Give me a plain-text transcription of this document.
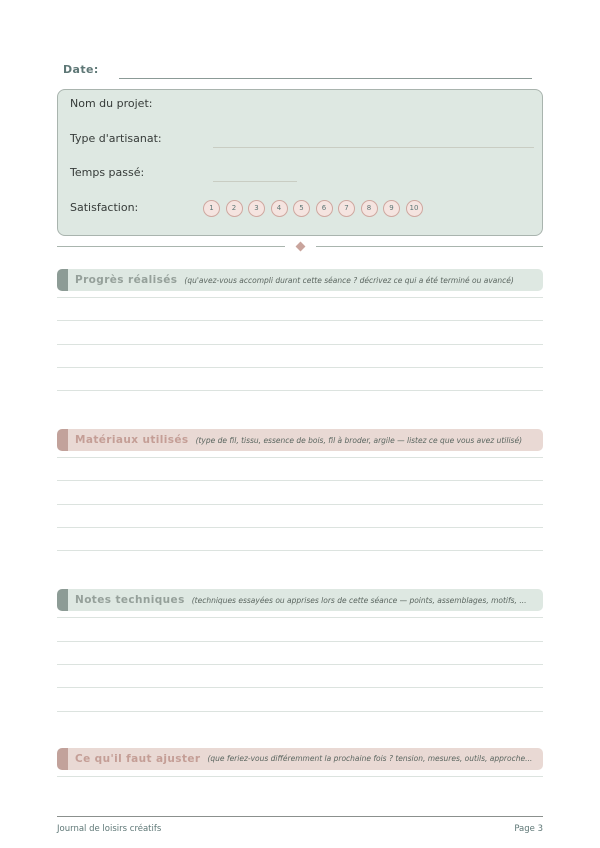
Date:
Nom du projet:
Type d'artisanat:
Temps passé:
Satisfaction:	1	2	3	4	5	6	7	8	9	10
Progrès réalisés (qu'avez-vous accompli durant cette séance ? décrivez ce qui a été terminé ou avancé)
Matériaux utilisés (type de fil, tissu, essence de bois, fil à broder, argile — listez ce que vous avez utilisé)
Notes techniques (techniques essayées ou apprises lors de cette séance — points, assemblages, motifs, ...
Ce qu'il faut ajuster (que feriez-vous différemment la prochaine fois ? tension, mesures, outils, approche...
Journal de loisirs créatifs	Page 3
